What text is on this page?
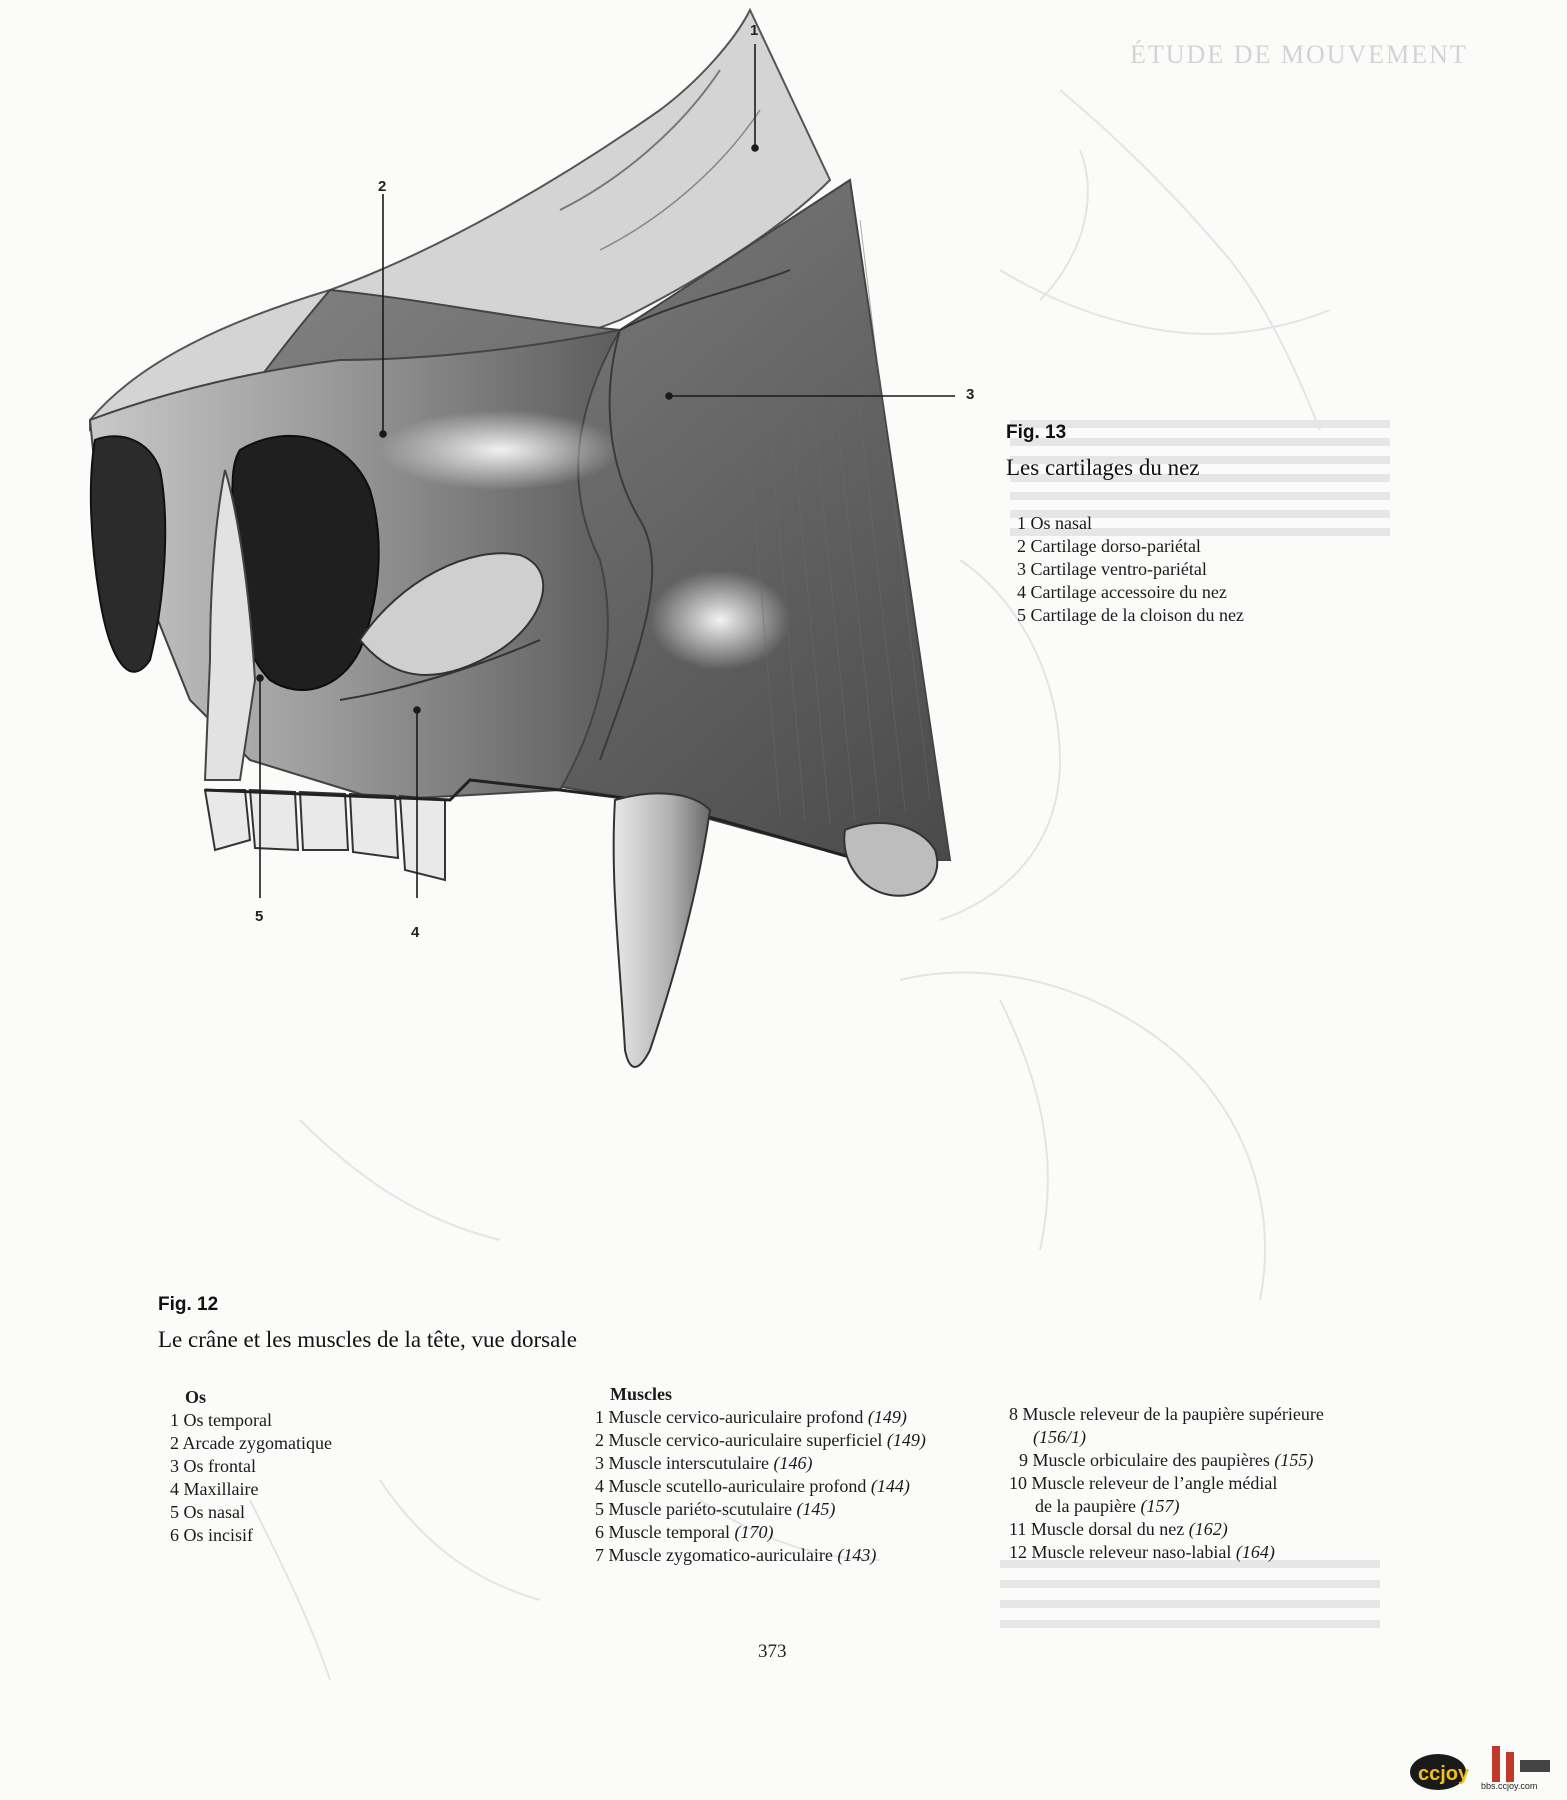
ÉTUDE DE MOUVEMENT
1
2
3
4
5
Fig. 13
Les cartilages du nez
1 Os nasal
2 Cartilage dorso-pariétal
3 Cartilage ventro-pariétal
4 Cartilage accessoire du nez
5 Cartilage de la cloison du nez
Fig. 12
Le crâne et les muscles de la tête, vue dorsale
Os
1 Os temporal
2 Arcade zygomatique
3 Os frontal
4 Maxillaire
5 Os nasal
6 Os incisif
Muscles
1 Muscle cervico-auriculaire profond (149)
2 Muscle cervico-auriculaire superficiel (149)
3 Muscle interscutulaire (146)
4 Muscle scutello-auriculaire profond (144)
5 Muscle pariéto-scutulaire (145)
6 Muscle temporal (170)
7 Muscle zygomatico-auriculaire (143)
8 Muscle releveur de la paupière supérieure
(156/1)
9 Muscle orbiculaire des paupières (155)
10 Muscle releveur de l’angle médial
de la paupière (157)
11 Muscle dorsal du nez (162)
12 Muscle releveur naso-labial (164)
373
ccjoy
bbs.ccjoy.com
